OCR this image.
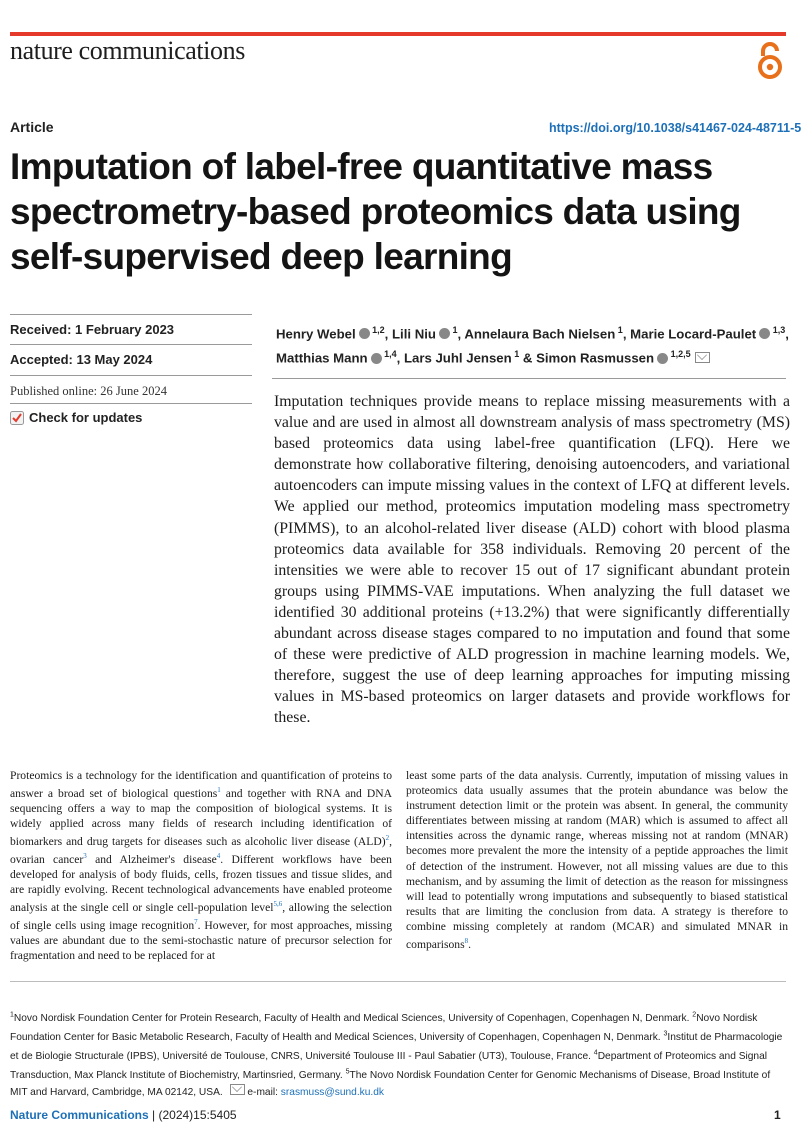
nature communications
Article	https://doi.org/10.1038/s41467-024-48711-5
Imputation of label-free quantitative mass spectrometry-based proteomics data using self-supervised deep learning
Received: 1 February 2023
Accepted: 13 May 2024
Published online: 26 June 2024
Check for updates
Henry Webel $^{1,2}$, Lili Niu $^1$, Annelaura Bach Nielsen $^1$, Marie Locard-Paulet $^{1,3}$, Matthias Mann $^{1,4}$, Lars Juhl Jensen $^1$ & Simon Rasmussen $^{1,2,5}$
Imputation techniques provide means to replace missing measurements with a value and are used in almost all downstream analysis of mass spectrometry (MS) based proteomics data using label-free quantification (LFQ). Here we demonstrate how collaborative filtering, denoising autoencoders, and variational autoencoders can impute missing values in the context of LFQ at different levels. We applied our method, proteomics imputation modeling mass spectrometry (PIMMS), to an alcohol-related liver disease (ALD) cohort with blood plasma proteomics data available for 358 individuals. Removing 20 percent of the intensities we were able to recover 15 out of 17 significant abundant protein groups using PIMMS-VAE imputations. When analyzing the full dataset we identified 30 additional proteins (+13.2%) that were significantly differentially abundant across disease stages compared to no imputation and found that some of these were predictive of ALD progression in machine learning models. We, therefore, suggest the use of deep learning approaches for imputing missing values in MS-based proteomics on larger datasets and provide workflows for these.
Proteomics is a technology for the identification and quantification of proteins to answer a broad set of biological questions$^1$ and together with RNA and DNA sequencing offers a way to map the composition of biological systems. It is widely applied across many fields of research including identification of biomarkers and drug targets for diseases such as alcoholic liver disease (ALD)$^2$, ovarian cancer$^3$ and Alzheimer's disease$^4$. Different workflows have been developed for analysis of body fluids, cells, frozen tissues and tissue slides, and are rapidly evolving. Recent technological advancements have enabled proteome analysis at the single cell or single cell-population level$^{5,6}$, allowing the selection of single cells using image recognition$^7$. However, for most approaches, missing values are abundant due to the semi-stochastic nature of precursor selection for fragmentation and need to be replaced for at
least some parts of the data analysis. Currently, imputation of missing values in proteomics data usually assumes that the protein abundance was below the instrument detection limit or the protein was absent. In general, the community differentiates between missing at random (MAR) which is assumed to affect all intensities across the dynamic range, whereas missing not at random (MNAR) becomes more prevalent the more the intensity of a peptide approaches the limit of detection of the instrument. However, not all missing values are due to this mechanism, and by assuming the limit of detection as the reason for missingness will lead to potentially wrong imputations and subsequently to biased statistical results that are limiting the conclusion from data. A strategy is therefore to combine missing completely at random (MCAR) and simulated MNAR in comparisons$^8$.
$^1$Novo Nordisk Foundation Center for Protein Research, Faculty of Health and Medical Sciences, University of Copenhagen, Copenhagen N, Denmark. $^2$Novo Nordisk Foundation Center for Basic Metabolic Research, Faculty of Health and Medical Sciences, University of Copenhagen, Copenhagen N, Denmark. $^3$Institut de Pharmacologie et de Biologie Structurale (IPBS), Université de Toulouse, CNRS, Université Toulouse III - Paul Sabatier (UT3), Toulouse, France. $^4$Department of Proteomics and Signal Transduction, Max Planck Institute of Biochemistry, Martinsried, Germany. $^5$The Novo Nordisk Foundation Center for Genomic Mechanisms of Disease, Broad Institute of MIT and Harvard, Cambridge, MA 02142, USA.  e-mail: srasmuss@sund.ku.dk
Nature Communications | (2024)15:5405	1
